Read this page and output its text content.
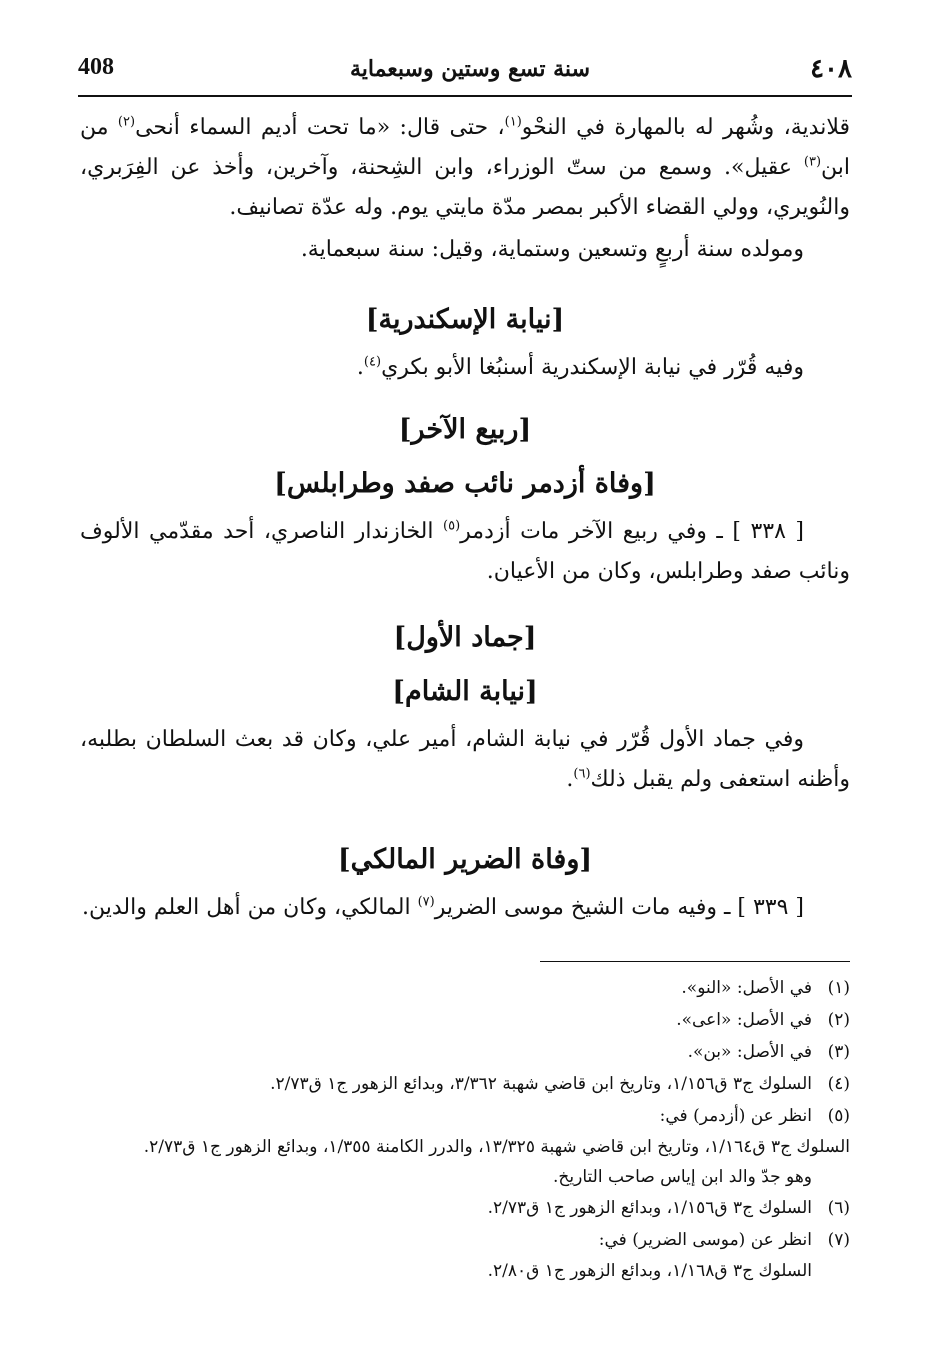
408	سنة تسع وستين وسبعماية	٤٠٨

قلاندية، وشُهر له بالمهارة في النحْو$^{(١)}$، حتى قال: «ما تحت أديم السماء أنحى$^{(٢)}$ من ابن$^{(٣)}$ عقيل». وسمع من ستّ الوزراء، وابن الشِحنة، وآخرين، وأخذ عن الفِرَبري، والنُويري، وولي القضاء الأكبر بمصر مدّة مايتي يوم. وله عدّة تصانيف.

ومولده سنة أربعٍ وتسعين وستماية، وقيل: سنة سبعماية.

[نيابة الإسكندرية]

وفيه قُرّر في نيابة الإسكندرية أسنبُغا الأبو بكري$^{(٤)}$.

[ربيع الآخر]

[وفاة أزدمر نائب صفد وطرابلس]

[ ٣٣٨ ] ـ وفي ربيع الآخر مات أزدمر$^{(٥)}$ الخازندار الناصري، أحد مقدّمي الألوف ونائب صفد وطرابلس، وكان من الأعيان.

[جماد الأول]

[نيابة الشام]

وفي جماد الأول قُرّر في نيابة الشام، أمير علي، وكان قد بعث السلطان بطلبه، وأظنه استعفى ولم يقبل ذلك$^{(٦)}$.

[وفاة الضرير المالكي]

[ ٣٣٩ ] ـ وفيه مات الشيخ موسى الضرير$^{(٧)}$ المالكي، وكان من أهل العلم والدين.

(١)في الأصل: «النو».

(٢)في الأصل: «اعى».

(٣)في الأصل: «بن».

(٤)السلوك ج٣ ق١/١٥٦، وتاريخ ابن قاضي شهبة ٣/٣٦٢، وبدائع الزهور ج١ ق٢/٧٣.

(٥)انظر عن (أزدمر) في:

السلوك ج٣ ق١/١٦٤، وتاريخ ابن قاضي شهبة ١٣/٣٢٥، والدرر الكامنة ١/٣٥٥، وبدائع الزهور ج١ ق٢/٧٣.

وهو جدّ والد ابن إياس صاحب التاريخ.

(٦)السلوك ج٣ ق١/١٥٦، وبدائع الزهور ج١ ق٢/٧٣.

(٧)انظر عن (موسى الضرير) في:

السلوك ج٣ ق١/١٦٨، وبدائع الزهور ج١ ق٢/٨٠.
